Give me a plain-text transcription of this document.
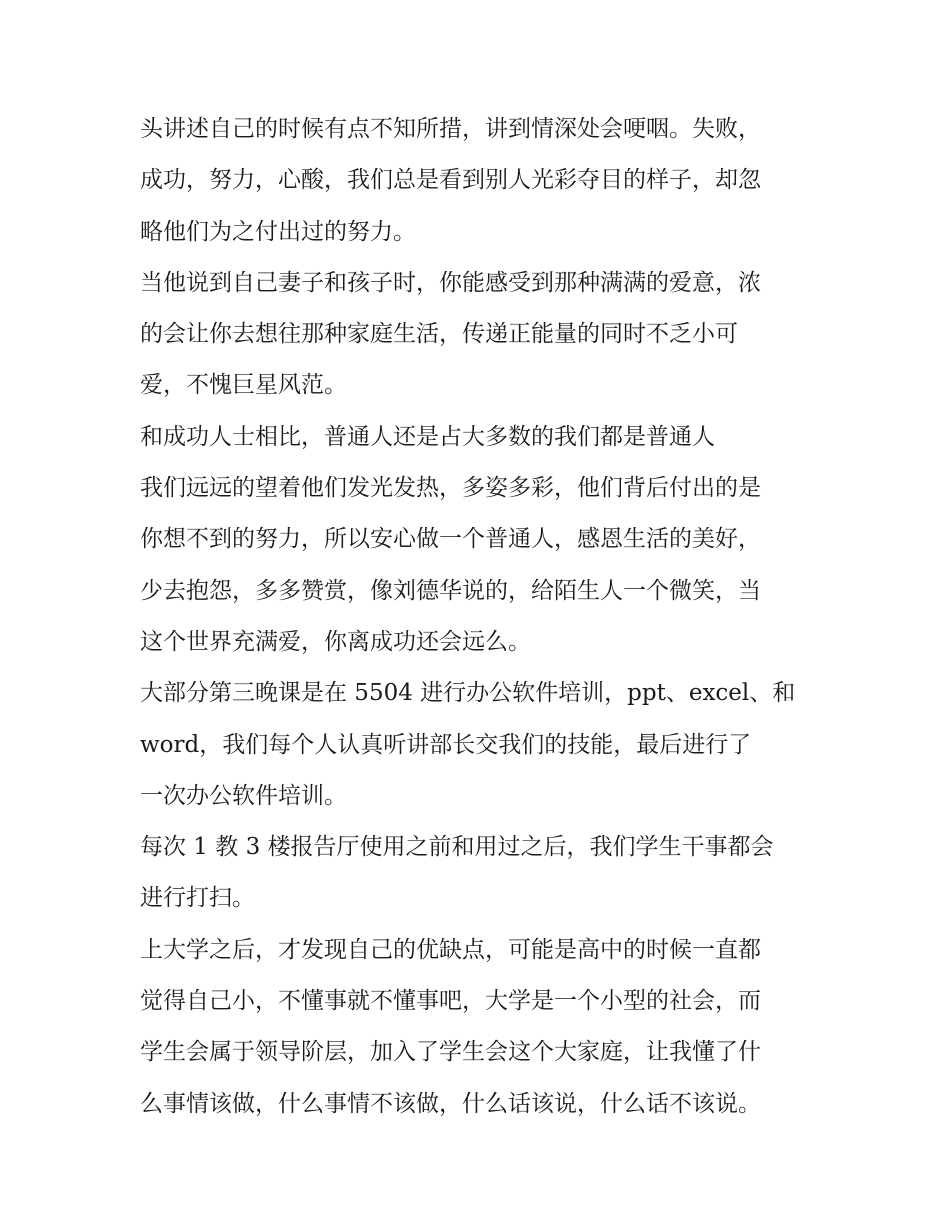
头讲述自己的时候有点不知所措，讲到情深处会哽咽。失败，
成功，努力，心酸，我们总是看到别人光彩夺目的样子，却忽
略他们为之付出过的努力。
当他说到自己妻子和孩子时，你能感受到那种满满的爱意，浓
的会让你去想往那种家庭生活，传递正能量的同时不乏小可
爱，不愧巨星风范。
和成功人士相比，普通人还是占大多数的我们都是普通人
我们远远的望着他们发光发热，多姿多彩，他们背后付出的是
你想不到的努力，所以安心做一个普通人，感恩生活的美好，
少去抱怨，多多赞赏，像刘德华说的，给陌生人一个微笑，当
这个世界充满爱，你离成功还会远么。
大部分第三晚课是在 5504 进行办公软件培训，ppt、excel、和
word，我们每个人认真听讲部长交我们的技能，最后进行了
一次办公软件培训。
每次 1 教 3 楼报告厅使用之前和用过之后，我们学生干事都会
进行打扫。
上大学之后，才发现自己的优缺点，可能是高中的时候一直都
觉得自己小，不懂事就不懂事吧，大学是一个小型的社会，而
学生会属于领导阶层，加入了学生会这个大家庭，让我懂了什
么事情该做，什么事情不该做，什么话该说，什么话不该说。
